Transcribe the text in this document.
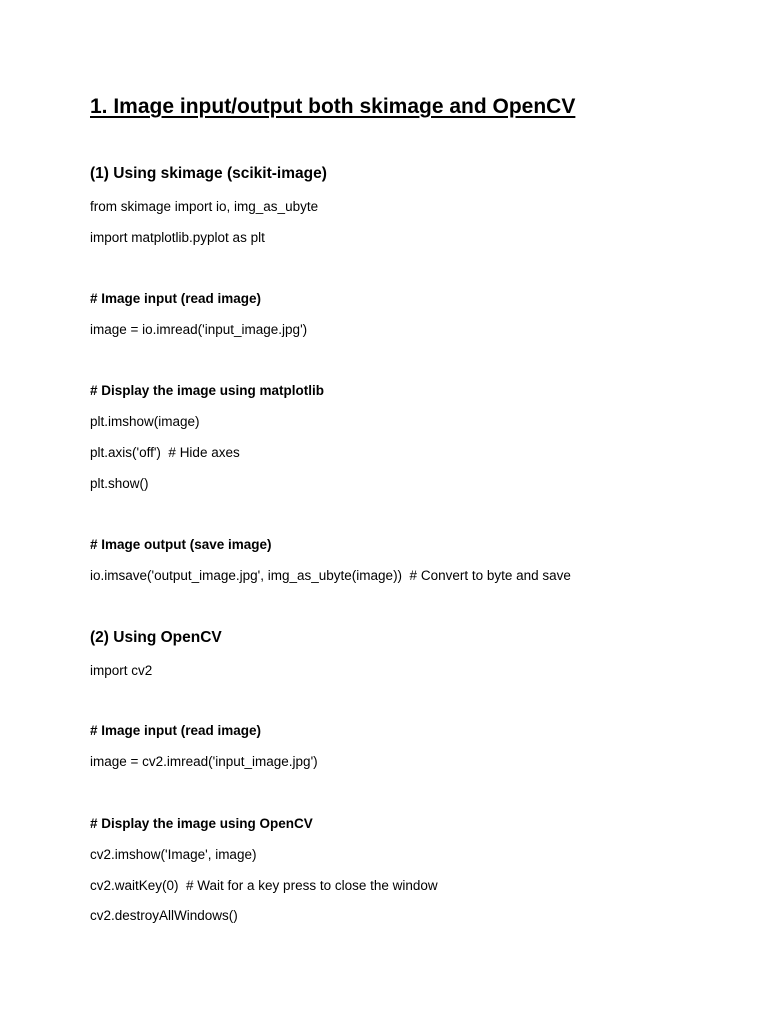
1. Image input/output both skimage and OpenCV
(1) Using skimage (scikit-image)
from skimage import io, img_as_ubyte
import matplotlib.pyplot as plt
# Image input (read image)
image = io.imread('input_image.jpg')
# Display the image using matplotlib
plt.imshow(image)
plt.axis('off')  # Hide axes
plt.show()
# Image output (save image)
io.imsave('output_image.jpg', img_as_ubyte(image))  # Convert to byte and save
(2) Using OpenCV
import cv2
# Image input (read image)
image = cv2.imread('input_image.jpg')
# Display the image using OpenCV
cv2.imshow('Image', image)
cv2.waitKey(0)  # Wait for a key press to close the window
cv2.destroyAllWindows()
